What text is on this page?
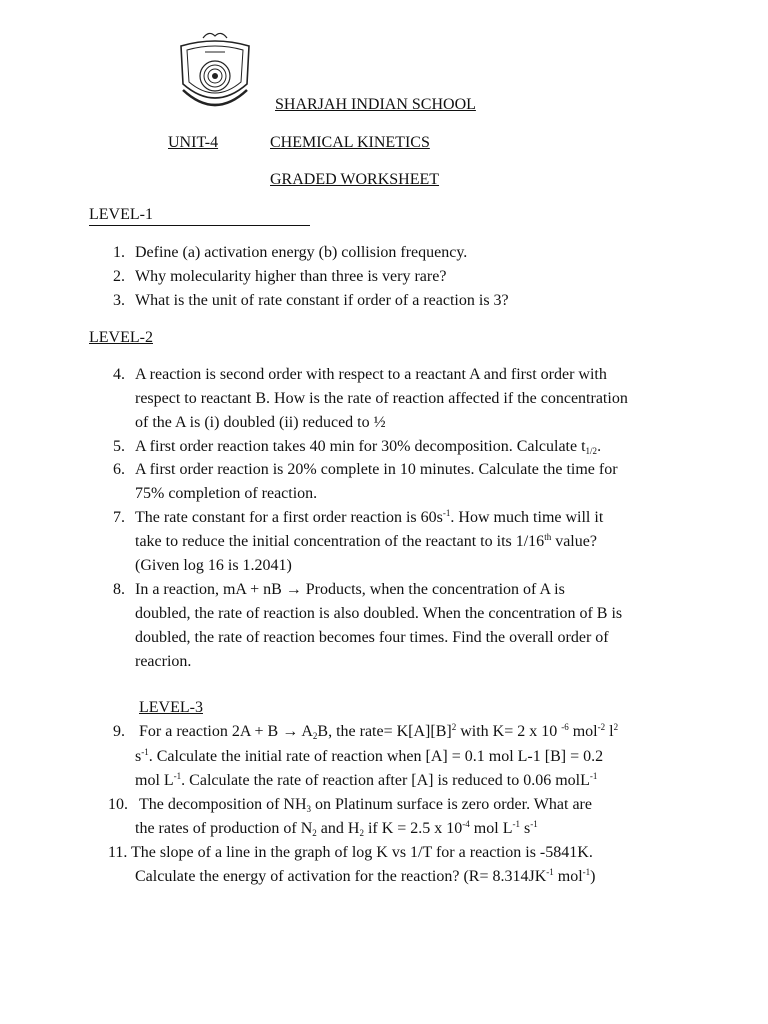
SHARJAH INDIAN SCHOOL
UNIT-4	CHEMICAL KINETICS
GRADED WORKSHEET
LEVEL-1
1. Define (a) activation energy (b) collision frequency.
2. Why molecularity higher than three is very rare?
3. What is the unit of rate constant if order of a reaction is 3?
LEVEL-2
4. A reaction is second order with respect to a reactant A and first order with
respect to reactant B. How is the rate of reaction affected if the concentration
of the A is (i) doubled (ii) reduced to ½
5. A first order reaction takes 40 min for 30% decomposition. Calculate $t_{1/2}$.
6. A first order reaction is 20% complete in 10 minutes. Calculate the time for
75% completion of reaction.
7. The rate constant for a first order reaction is $60s^{-1}$. How much time will it
take to reduce the initial concentration of the reactant to its 1/16th value?
(Given log 16 is 1.2041)
8. In a reaction, mA + nB → Products, when the concentration of A is
doubled, the rate of reaction is also doubled. When the concentration of B is
doubled, the rate of reaction becomes four times. Find the overall order of
reacrion.
LEVEL-3
9. For a reaction $2A + B \to A_2B$, the rate= $K[A][B]^2$ with K= 2 x 10 $^{-6}$ mol$^{-2}$ $l^2$
$s^{-1}$. Calculate the initial rate of reaction when [A] = 0.1 mol L-1 [B] = 0.2
mol $L^{-1}$. Calculate the rate of reaction after [A] is reduced to 0.06 molL$^{-1}$
10. The decomposition of $NH_3$ on Platinum surface is zero order. What are
the rates of production of $N_2$ and $H_2$ if K = 2.5 x $10^{-4}$ mol $L^{-1}$ $s^{-1}$
11. The slope of a line in the graph of log K vs 1/T for a reaction is -5841K.
Calculate the energy of activation for the reaction? ($R= 8.314JK^{-1}$ mol$^{-1}$)
